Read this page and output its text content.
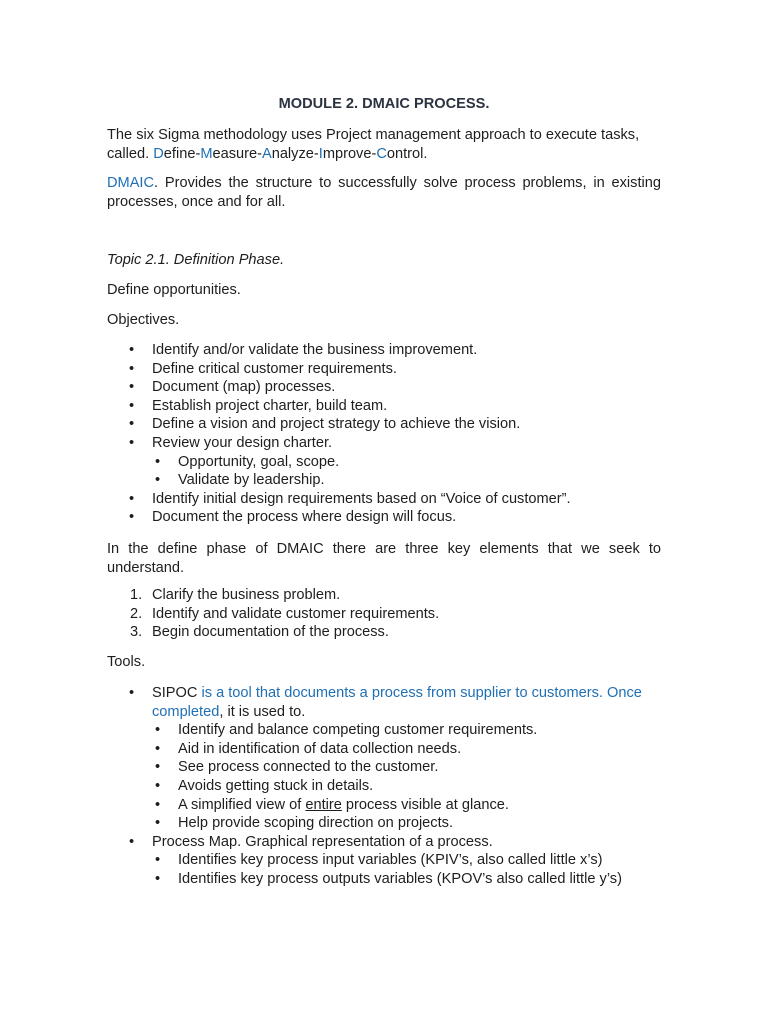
MODULE 2. DMAIC PROCESS.

The six Sigma methodology uses Project management approach to execute tasks,
called. Define-Measure-Analyze-Improve-Control.

DMAIC. Provides the structure to successfully solve process problems, in existing processes, once and for all.

Topic 2.1. Definition Phase.

Define opportunities.

Objectives.

• Identify and/or validate the business improvement.
• Define critical customer requirements.
• Document (map) processes.
• Establish project charter, build team.
• Define a vision and project strategy to achieve the vision.
• Review your design charter.
• Opportunity, goal, scope.
• Validate by leadership.
• Identify initial design requirements based on “Voice of customer”.
• Document the process where design will focus.

In the define phase of DMAIC there are three key elements that we seek to understand.

1. Clarify the business problem.
2. Identify and validate customer requirements.
3. Begin documentation of the process.

Tools.

• SIPOC is a tool that documents a process from supplier to customers. Once completed, it is used to.
• Identify and balance competing customer requirements.
• Aid in identification of data collection needs.
• See process connected to the customer.
• Avoids getting stuck in details.
• A simplified view of entire process visible at glance.
• Help provide scoping direction on projects.
• Process Map. Graphical representation of a process.
• Identifies key process input variables (KPIV’s, also called little x’s)
• Identifies key process outputs variables (KPOV’s also called little y’s)
